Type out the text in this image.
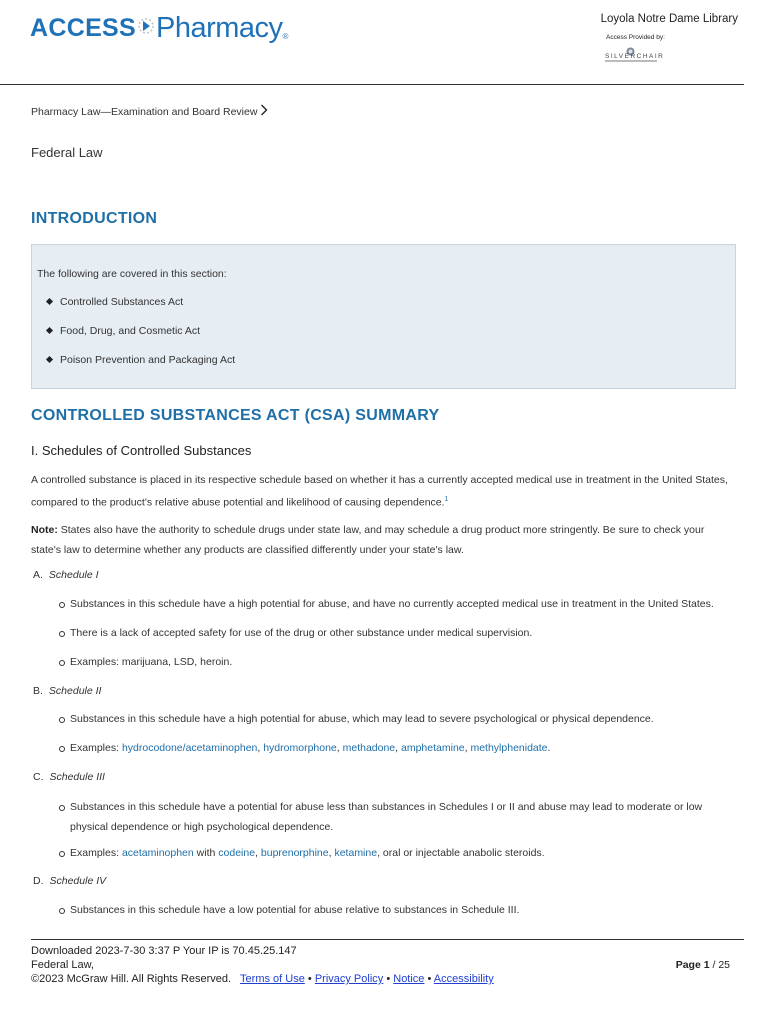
ACCESS Pharmacy ®
Loyola Notre Dame Library
Access Provided by:
SILVERCHAIR
Pharmacy Law—Examination and Board Review
Federal Law
INTRODUCTION
The following are covered in this section:
Controlled Substances Act
Food, Drug, and Cosmetic Act
Poison Prevention and Packaging Act
CONTROLLED SUBSTANCES ACT (CSA) SUMMARY
I. Schedules of Controlled Substances
A controlled substance is placed in its respective schedule based on whether it has a currently accepted medical use in treatment in the United States,
compared to the product's relative abuse potential and likelihood of causing dependence.$^1$
Note: States also have the authority to schedule drugs under state law, and may schedule a drug product more stringently. Be sure to check your
state's law to determine whether any products are classified differently under your state's law.
A. Schedule I
Substances in this schedule have a high potential for abuse, and have no currently accepted medical use in treatment in the United States.
There is a lack of accepted safety for use of the drug or other substance under medical supervision.
Examples: marijuana, LSD, heroin.
B. Schedule II
Substances in this schedule have a high potential for abuse, which may lead to severe psychological or physical dependence.
Examples: hydrocodone/acetaminophen, hydromorphone, methadone, amphetamine, methylphenidate.
C. Schedule III
Substances in this schedule have a potential for abuse less than substances in Schedules I or II and abuse may lead to moderate or low
physical dependence or high psychological dependence.
Examples: acetaminophen with codeine, buprenorphine, ketamine, oral or injectable anabolic steroids.
D. Schedule IV
Substances in this schedule have a low potential for abuse relative to substances in Schedule III.
Downloaded 2023-7-30 3:37 P Your IP is 70.45.25.147
Federal Law,
©2023 McGraw Hill. All Rights Reserved. Terms of Use • Privacy Policy • Notice • Accessibility
Page 1 / 25
